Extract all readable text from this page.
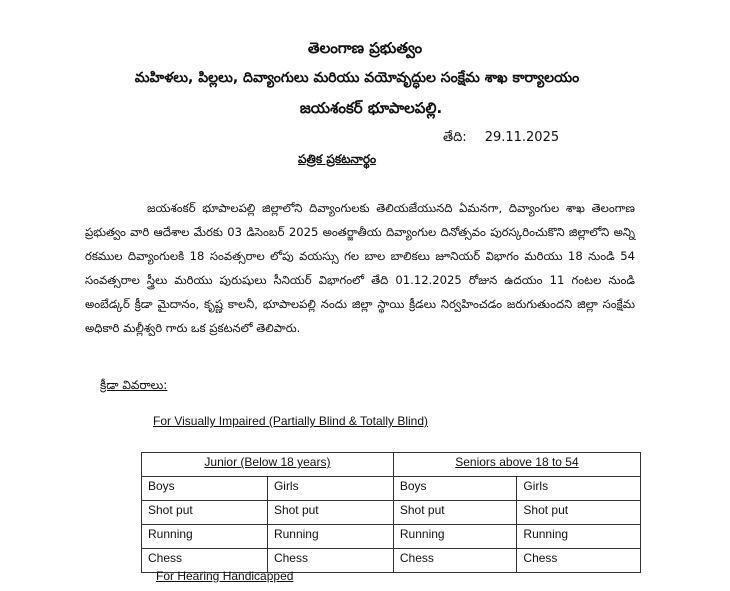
తెలంగాణ ప్రభుత్వం
మహిళలు, పిల్లలు, దివ్యాంగులు మరియు వయోవృద్ధుల సంక్షేమ శాఖ కార్యాలయం
జయశంకర్ భూపాలపల్లి.
తేది: 29.11.2025
పత్రిక ప్రకటనార్థం
జయశంకర్ భూపాలపల్లి జిల్లాలోని దివ్యాంగులకు తెలియజేయునది ఏమనగా, దివ్యాంగుల శాఖ తెలంగాణ ప్రభుత్వం వారి ఆదేశాల మేరకు 03 డిసెంబర్ 2025 అంతర్జాతీయ దివ్యాంగుల దినోత్సవం పురస్కరించుకొని జిల్లాలోని అన్ని రకముల దివ్యాంగులకి 18 సంవత్సరాల లోపు వయస్సు గల బాల బాలికలు జూనియర్ విభాగం మరియు 18 నుండి 54 సంవత్సరాల స్త్రీలు మరియు పురుషులు సీనియర్ విభాగంలో తేది 01.12.2025 రోజున ఉదయం 11 గంటల నుండి అంబేడ్కర్ క్రీడా మైదానం, కృష్ణ కాలనీ, భూపాలపల్లి నందు జిల్లా స్థాయి క్రీడలు నిర్వహించడం జరుగుతుందని జిల్లా సంక్షేమ అధికారి మల్లీశ్వరి గారు ఒక ప్రకటనలో తెలిపారు.
క్రీడా వివరాలు:
For Visually Impaired (Partially Blind & Totally Blind)
Junior (Below 18 years)		Seniors above 18 to 54	
Boys	Girls	Boys	Girls
Shot put	Shot put	Shot put	Shot put
Running	Running	Running	Running
Chess	Chess	Chess	Chess
For Hearing Handicapped
